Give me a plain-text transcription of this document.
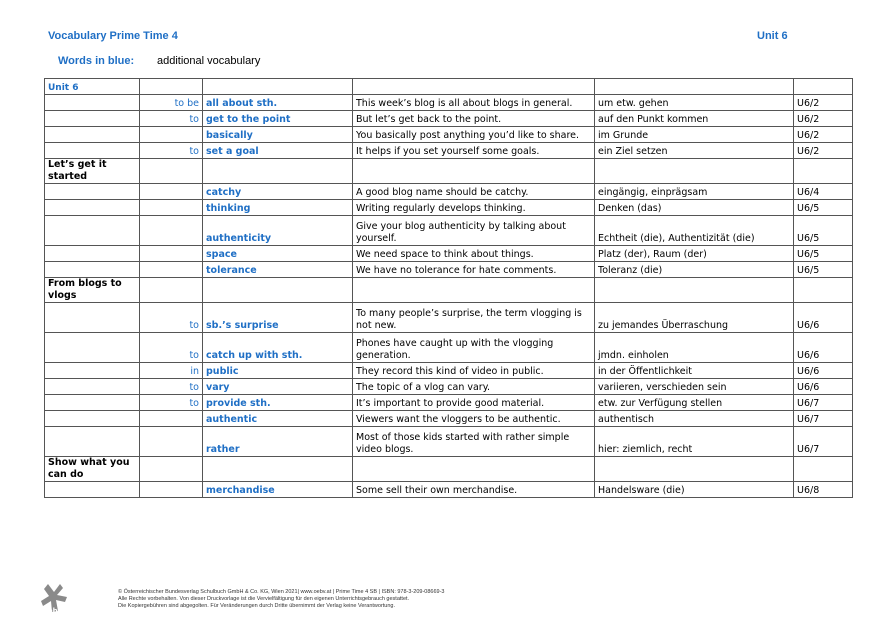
Vocabulary Prime Time 4	Unit 6
Words in blue: additional vocabulary
Unit 6					
	to be	all about sth.	This week’s blog is all about blogs in general.	um etw. gehen	U6/2
	to	get to the point	But let’s get back to the point.	auf den Punkt kommen	U6/2
		basically	You basically post anything you’d like to share.	im Grunde	U6/2
	to	set a goal	It helps if you set yourself some goals.	ein Ziel setzen	U6/2
Let’s get it started					
		catchy	A good blog name should be catchy.	eingängig, einprägsam	U6/4
		thinking	Writing regularly develops thinking.	Denken (das)	U6/5
		authenticity	Give your blog authenticity by talking about yourself.	Echtheit (die), Authentizität (die)	U6/5
		space	We need space to think about things.	Platz (der), Raum (der)	U6/5
		tolerance	We have no tolerance for hate comments.	Toleranz (die)	U6/5
From blogs to vlogs					
	to	sb.’s surprise	To many people’s surprise, the term vlogging is not new.	zu jemandes Überraschung	U6/6
	to	catch up with sth.	Phones have caught up with the vlogging generation.	jmdn. einholen	U6/6
	in	public	They record this kind of video in public.	in der Öffentlichkeit	U6/6
	to	vary	The topic of a vlog can vary.	variieren, verschieden sein	U6/6
	to	provide sth.	It’s important to provide good material.	etw. zur Verfügung stellen	U6/7
		authentic	Viewers want the vloggers to be authentic.	authentisch	U6/7
		rather	Most of those kids started with rather simple video blogs.	hier: ziemlich, recht	U6/7
Show what you can do					
		merchandise	Some sell their own merchandise.	Handelsware (die)	U6/8
öbv
© Österreichischer Bundesverlag Schulbuch GmbH & Co. KG, Wien 2021| www.oebv.at | Prime Time 4 SB | ISBN: 978-3-209-08669-3
Alle Rechte vorbehalten. Von dieser Druckvorlage ist die Vervielfältigung für den eigenen Unterrichtsgebrauch gestattet.
Die Kopiergebühren sind abgegolten. Für Veränderungen durch Dritte übernimmt der Verlag keine Verantwortung.
